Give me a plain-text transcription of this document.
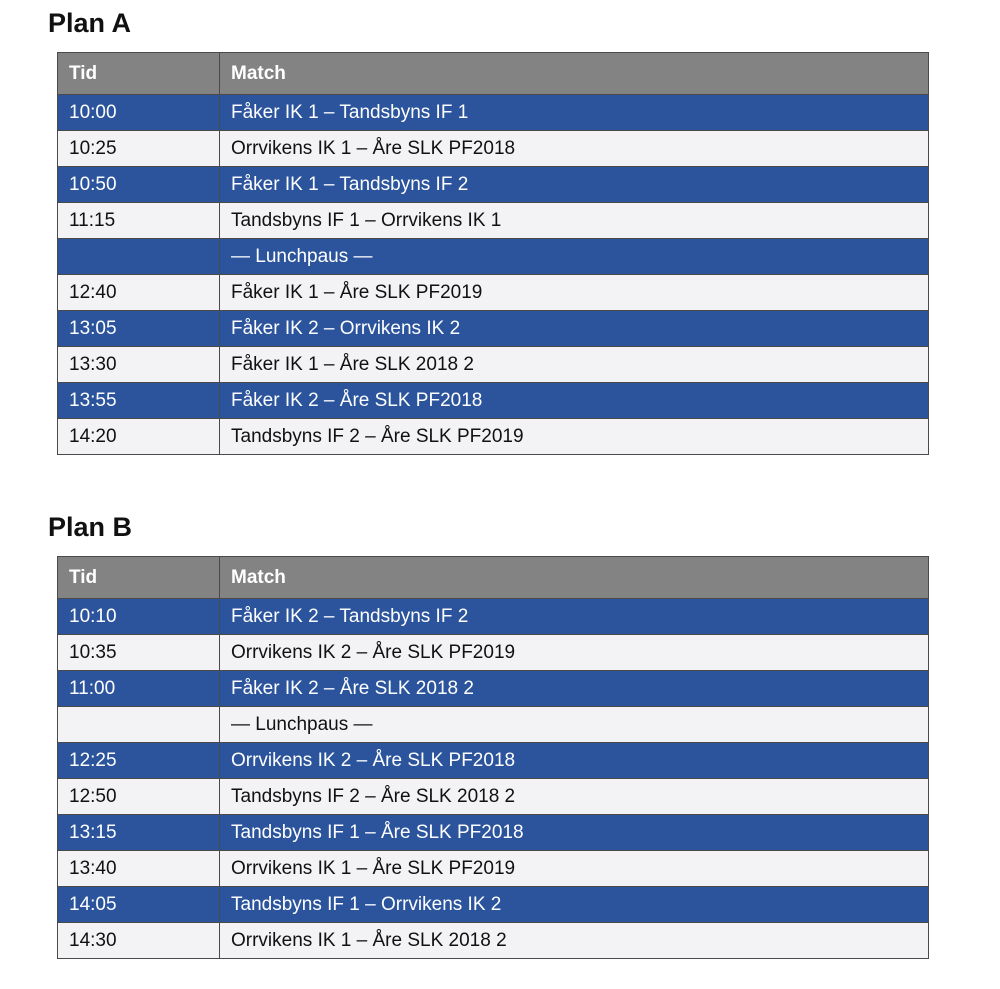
Plan A
Tid	Match
10:00	Fåker IK 1 – Tandsbyns IF 1
10:25	Orrvikens IK 1 – Åre SLK PF2018
10:50	Fåker IK 1 – Tandsbyns IF 2
11:15	Tandsbyns IF 1 – Orrvikens IK 1
	— Lunchpaus —
12:40	Fåker IK 1 – Åre SLK PF2019
13:05	Fåker IK 2 – Orrvikens IK 2
13:30	Fåker IK 1 – Åre SLK 2018 2
13:55	Fåker IK 2 – Åre SLK PF2018
14:20	Tandsbyns IF 2 – Åre SLK PF2019
Plan B
Tid	Match
10:10	Fåker IK 2 – Tandsbyns IF 2
10:35	Orrvikens IK 2 – Åre SLK PF2019
11:00	Fåker IK 2 – Åre SLK 2018 2
	— Lunchpaus —
12:25	Orrvikens IK 2 – Åre SLK PF2018
12:50	Tandsbyns IF 2 – Åre SLK 2018 2
13:15	Tandsbyns IF 1 – Åre SLK PF2018
13:40	Orrvikens IK 1 – Åre SLK PF2019
14:05	Tandsbyns IF 1 – Orrvikens IK 2
14:30	Orrvikens IK 1 – Åre SLK 2018 2
